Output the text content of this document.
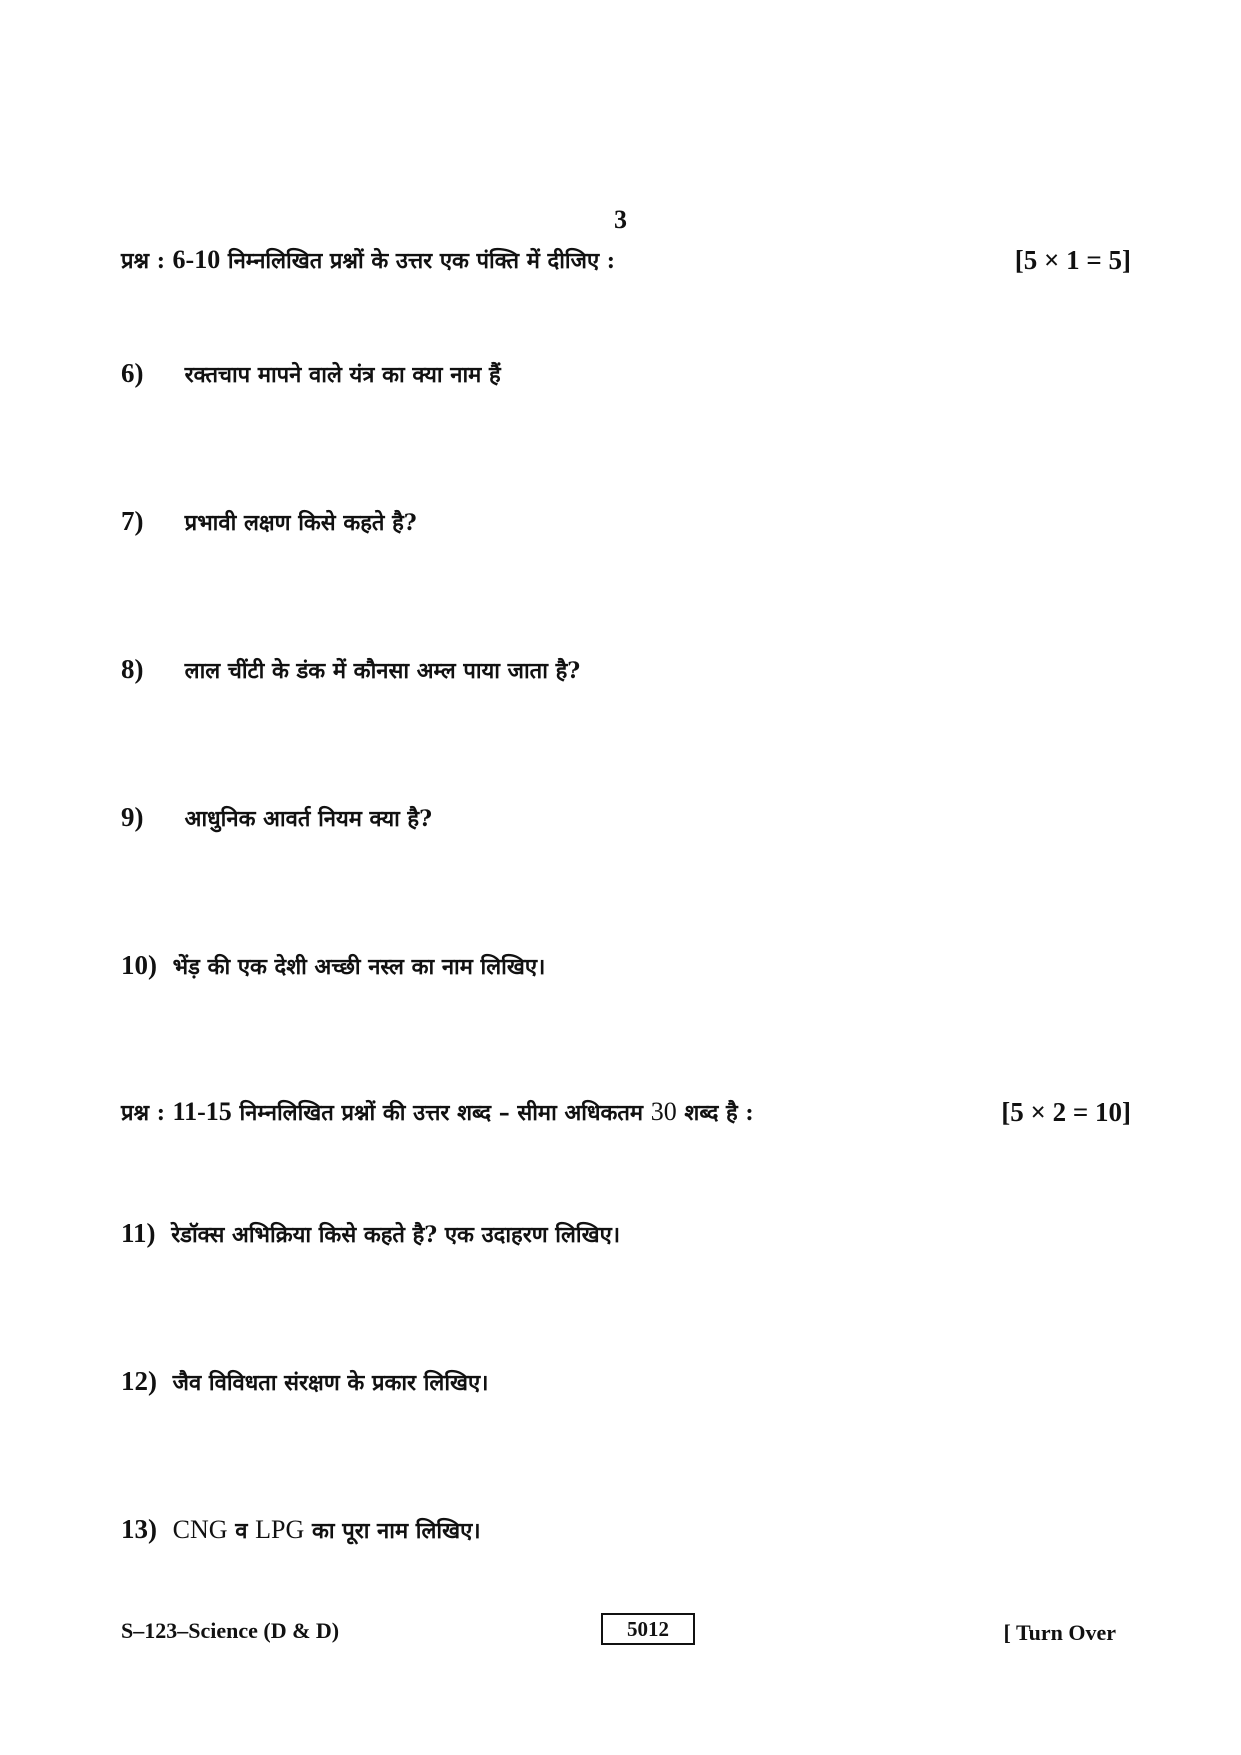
3
प्रश्न : 6-10 निम्नलिखित प्रश्नों के उत्तर एक पंक्ति में दीजिए :	[5 × 1 = 5]
6) रक्तचाप मापने वाले यंत्र का क्या नाम हैं
7) प्रभावी लक्षण किसे कहते है?
8) लाल चींटी के डंक में कौनसा अम्ल पाया जाता है?
9) आधुनिक आवर्त नियम क्या है?
10) भेंड़ की एक देशी अच्छी नस्ल का नाम लिखिए।
प्रश्न : 11-15 निम्नलिखित प्रश्नों की उत्तर शब्द – सीमा अधिकतम 30 शब्द है :	[5 × 2 = 10]
11) रेडॉक्स अभिक्रिया किसे कहते है? एक उदाहरण लिखिए।
12) जैव विविधता संरक्षण के प्रकार लिखिए।
13) CNG व LPG का पूरा नाम लिखिए।
S–123–Science (D & D)	5012	[ Turn Over
